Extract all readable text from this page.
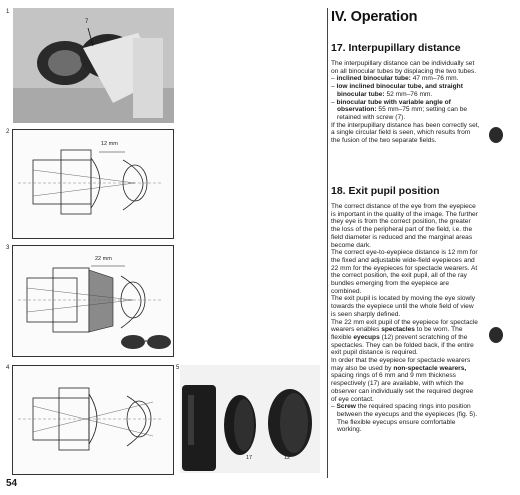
1
7
2
12 mm
3
22 mm
4	5
17	12
54
IV. Operation
17. Interpupillary distance

The interpupillary distance can be individually set on all binocular tubes by displacing the two tubes.

– inclined binocular tube: 47 mm–76 mm.

– low inclined binocular tube, and straight binocular tube: 52 mm–76 mm.

– binocular tube with variable angle of observation: 55 mm–75 mm; setting can be retained with screw (7).

If the interpupillary distance has been correctly set, a single circular field is seen, which results from the fusion of the two separate fields.

18. Exit pupil position

The correct distance of the eye from the eyepiece is important in the quality of the image. The further they eye is from the correct position, the greater the loss of the peripheral part of the field, i.e. the field diameter is reduced and the marginal areas become dark.

The correct eye-to-eyepiece distance is 12 mm for the fixed and adjustable wide-field eyepieces and 22 mm for the eyepieces for spectacle wearers. At the correct position, the exit pupil, all of the ray bundles emerging from the eyepiece are combined.

The exit pupil is located by moving the eye slowly towards the eyepiece until the whole field of view is seen sharply defined.

The 22 mm exit pupil of the eyepiece for spectacle wearers enables spectacles to be worn. The flexible eyecups (12) prevent scratching of the spectacles. They can be folded back, if the entire exit pupil distance is required.

In order that the eyepiece for spectacle wearers may also be used by non-spectacle wearers, spacing rings of 6 mm and 9 mm thickness respectively (17) are available, with which the observer can individually set the required degree of eye contact.

– Screw the required spacing rings into position between the eyecups and the eyepieces (fig. 5). The flexible eyecups ensure comfortable working.
